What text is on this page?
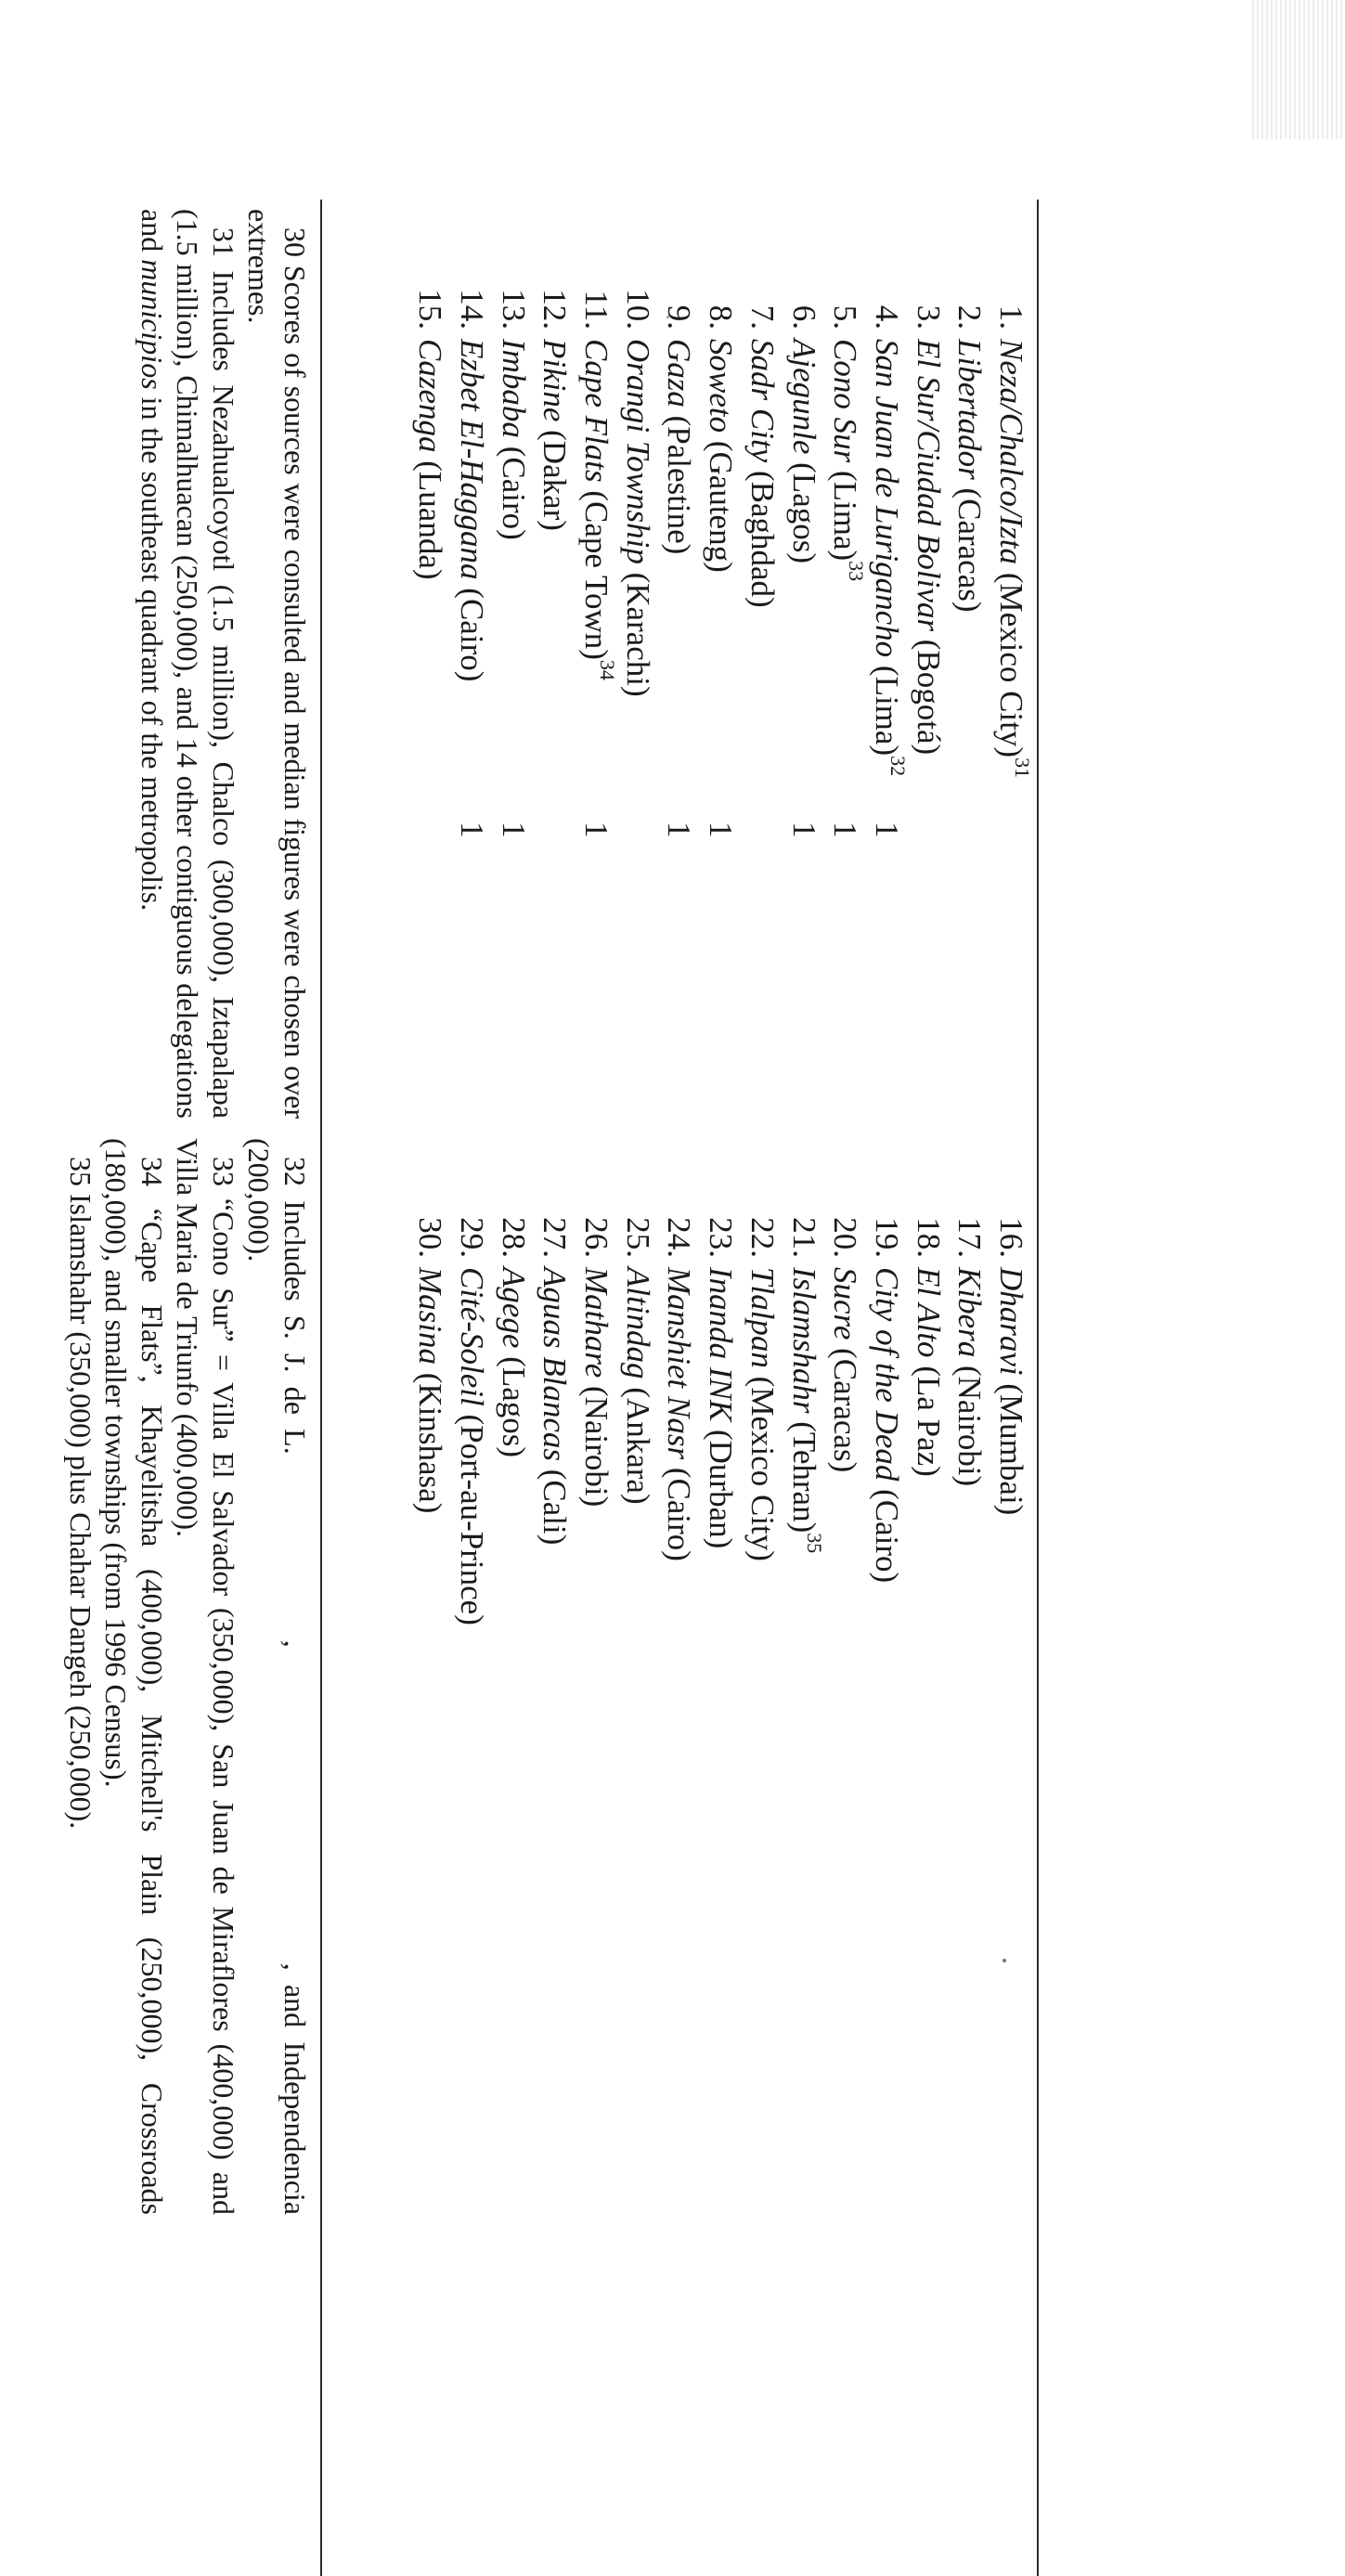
1.
Neza/Chalco/Izta (Mexico City)$^{31}$
2.
Libertador (Caracas)
3.
El Sur/Ciudad Bolivar (Bogotá)
4.
San Juan de Lurigancho (Lima)$^{32}$
1
5.
Cono Sur (Lima)$^{33}$
1
6.
Ajegunle (Lagos)
1
7.
Sadr City (Baghdad)
8.
Soweto (Gauteng)
1
9.
Gaza (Palestine)
1
10.
Orangi Township (Karachi)
11.
Cape Flats (Cape Town)$^{34}$
1
12.
Pikine (Dakar)
13.
Imbaba (Cairo)
1
14.
Ezbet El-Haggana (Cairo)
1
15.
Cazenga (Luanda)
16.
Dharavi (Mumbai)
17.
Kibera (Nairobi)
18.
El Alto (La Paz)
19.
City of the Dead (Cairo)
20.
Sucre (Caracas)
21.
Islamshahr (Tehran)$^{35}$
22.
Tlalpan (Mexico City)
23.
Inanda INK (Durban)
24.
Manshiet Nasr (Cairo)
25.
Altindag (Ankara)
26.
Mathare (Nairobi)
27.
Aguas Blancas (Cali)
28.
Agege (Lagos)
29.
Cité-Soleil (Port-au-Prince)
30.
Masina (Kinshasa)

30 Scores of sources were consulted and median figures were chosen over extremes.

31 Includes Nezahualcoyotl (1.5 million), Chalco (300,000), Iztapalapa (1.5 million), Chimalhuacan (250,000), and 14 other contiguous delegations and municipios in the southeast quadrant of the metropolis.

32 Includes S. J. de L.,, and Independencia (200,000).

33 “Cono Sur” = Villa El Salvador (350,000), San Juan de Miraflores (400,000) and Villa Maria de Triunfo (400,000).

34 “Cape Flats”, Khayelitsha (400,000), Mitchell's Plain (250,000), Crossroads (180,000), and smaller townships (from 1996 Census).

35 Islamshahr (350,000) plus Chahar Dangeh (250,000).
